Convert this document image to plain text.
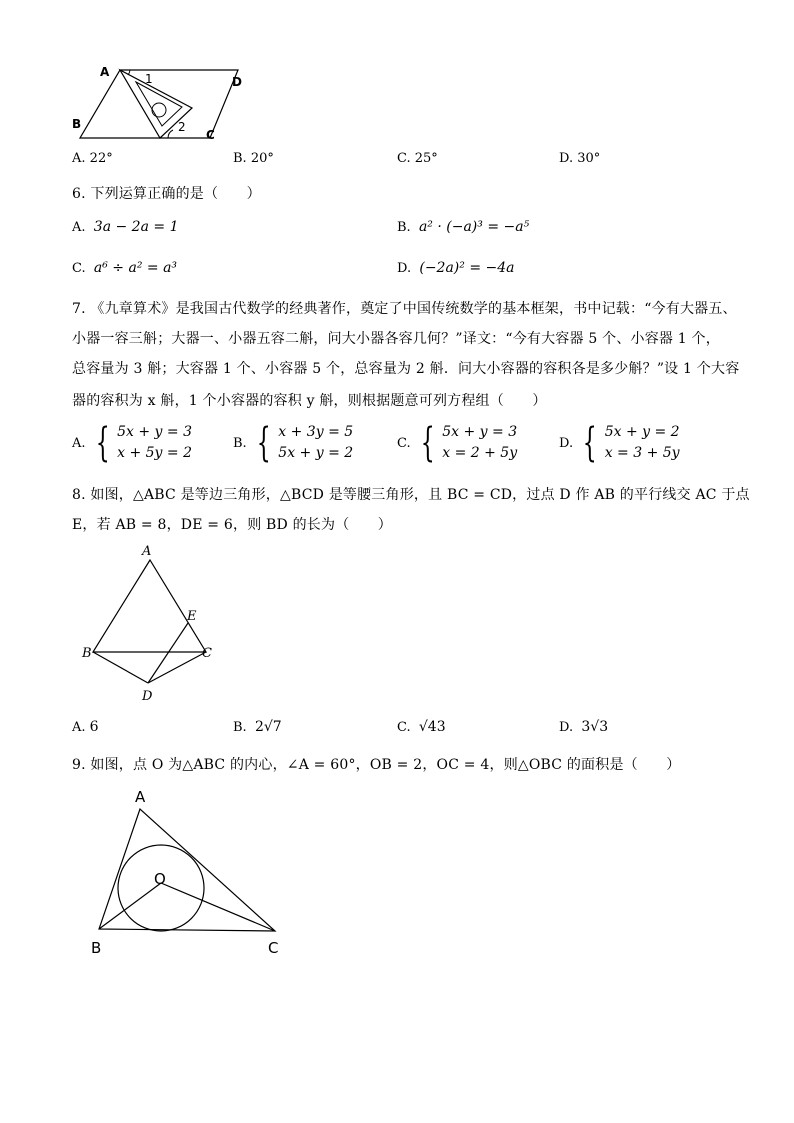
A
B
C
D
1
2
A. 22°	B. 20°	C. 25°	D. 30°
6. 下列运算正确的是（　　）
A. 3a − 2a = 1	B. a² · (−a)³ = −a⁵
C. a⁶ ÷ a² = a³	D. (−2a)² = −4a
7. 《九章算术》是我国古代数学的经典著作，奠定了中国传统数学的基本框架，书中记载：“今有大器五、
小器一容三斛；大器一、小器五容二斛，问大小器各容几何？”译文：“今有大容器 5 个、小容器 1 个，
总容量为 3 斛；大容器 1 个、小容器 5 个，总容量为 2 斛．问大小容器的容积各是多少斛？”设 1 个大容
器的容积为 x 斛，1 个小容器的容积 y 斛，则根据题意可列方程组（　　）
A.
{ 5x + y = 3
x + 5y = 2
B.
{ x + 3y = 5
5x + y = 2
C.
{ 5x + y = 3
x = 2 + 5y
D.
{ 5x + y = 2
x = 3 + 5y
8. 如图，△ABC 是等边三角形，△BCD 是等腰三角形，且 BC = CD，过点 D 作 AB 的平行线交 AC 于点
E，若 AB = 8，DE = 6，则 BD 的长为（　　）
A
B	C
D
E
A. 6	B. 2√7	C. √43	D. 3√3
9. 如图，点 O 为△ABC 的内心，∠A = 60°，OB = 2，OC = 4，则△OBC 的面积是（　　）
A
B	C
O
